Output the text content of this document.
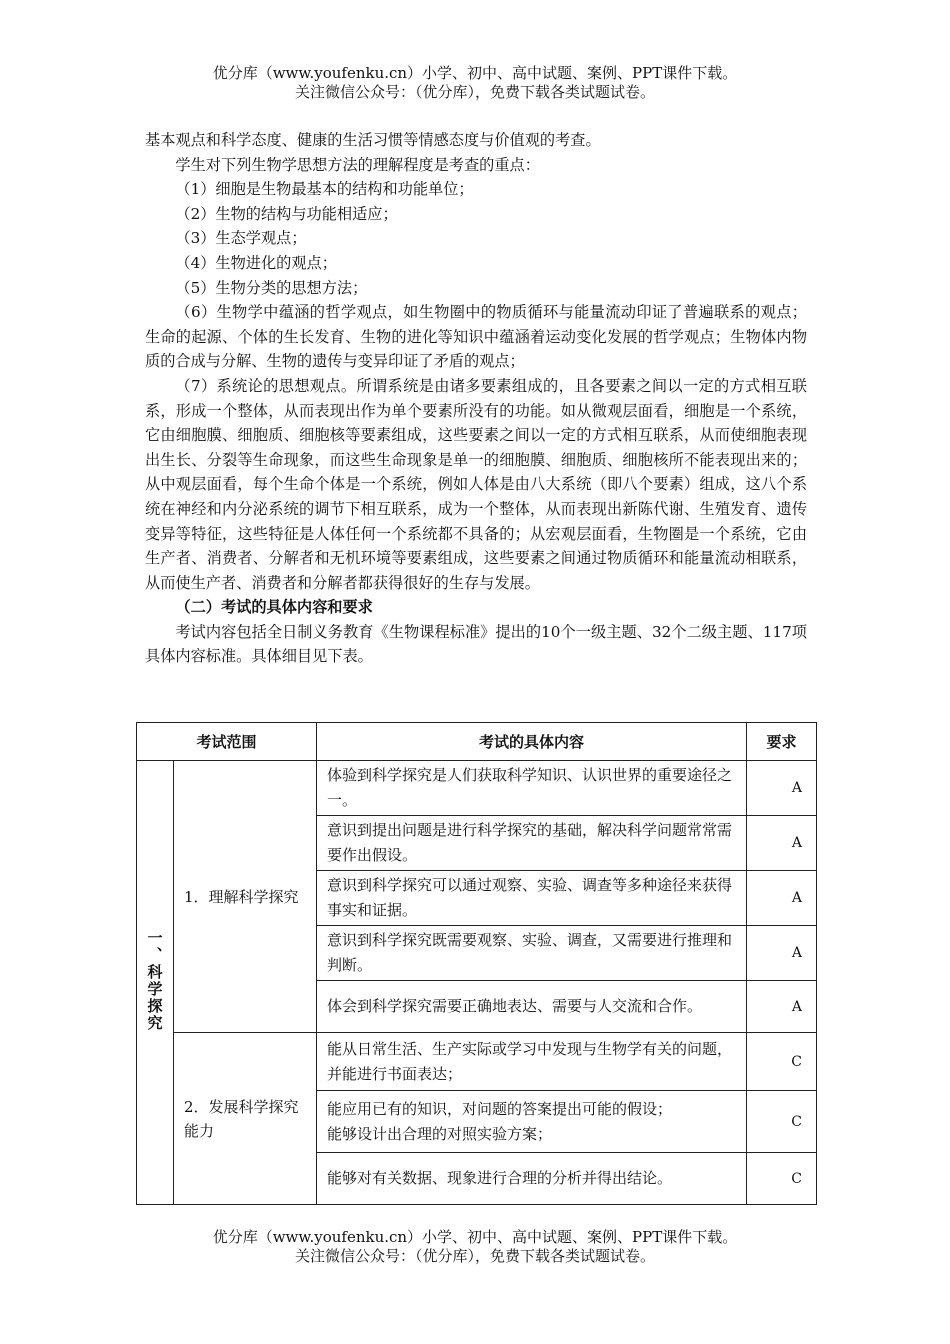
优分库（www.youfenku.cn）小学、初中、高中试题、案例、PPT课件下载。
关注微信公众号：（优分库），免费下载各类试题试卷。

基本观点和科学态度、健康的生活习惯等情感态度与价值观的考查。

学生对下列生物学思想方法的理解程度是考查的重点：

（1）细胞是生物最基本的结构和功能单位；

（2）生物的结构与功能相适应；

（3）生态学观点；

（4）生物进化的观点；

（5）生物分类的思想方法；

（6）生物学中蕴涵的哲学观点，如生物圈中的物质循环与能量流动印证了普遍联系的观点；生命的起源、个体的生长发育、生物的进化等知识中蕴涵着运动变化发展的哲学观点；生物体内物质的合成与分解、生物的遗传与变异印证了矛盾的观点；

（7）系统论的思想观点。所谓系统是由诸多要素组成的，且各要素之间以一定的方式相互联系，形成一个整体，从而表现出作为单个要素所没有的功能。如从微观层面看，细胞是一个系统，它由细胞膜、细胞质、细胞核等要素组成，这些要素之间以一定的方式相互联系，从而使细胞表现出生长、分裂等生命现象，而这些生命现象是单一的细胞膜、细胞质、细胞核所不能表现出来的；从中观层面看，每个生命个体是一个系统，例如人体是由八大系统（即八个要素）组成，这八个系统在神经和内分泌系统的调节下相互联系，成为一个整体，从而表现出新陈代谢、生殖发育、遗传变异等特征，这些特征是人体任何一个系统都不具备的；从宏观层面看，生物圈是一个系统，它由生产者、消费者、分解者和无机环境等要素组成，这些要素之间通过物质循环和能量流动相联系，从而使生产者、消费者和分解者都获得很好的生存与发展。

（二）考试的具体内容和要求

考试内容包括全日制义务教育《生物课程标准》提出的10个一级主题、32个二级主题、117项具体内容标准。具体细目见下表。

考试范围		考试的具体内容	要求
一、科学探究	1．理解科学探究	体验到科学探究是人们获取科学知识、认识世界的重要途径之一。	A
		意识到提出问题是进行科学探究的基础，解决科学问题常常需要作出假设。	A
		意识到科学探究可以通过观察、实验、调查等多种途径来获得事实和证据。	A
		意识到科学探究既需要观察、实验、调查，又需要进行推理和判断。	A
		体会到科学探究需要正确地表达、需要与人交流和合作。	A
	2．发展科学探究能力	能从日常生活、生产实际或学习中发现与生物学有关的问题，并能进行书面表达；	C

		能应用已有的知识，对问题的答案提出可能的假设；
能够设计出合理的对照实验方案；	C
		能够对有关数据、现象进行合理的分析并得出结论。	C
优分库（www.youfenku.cn）小学、初中、高中试题、案例、PPT课件下载。
关注微信公众号：（优分库），免费下载各类试题试卷。
